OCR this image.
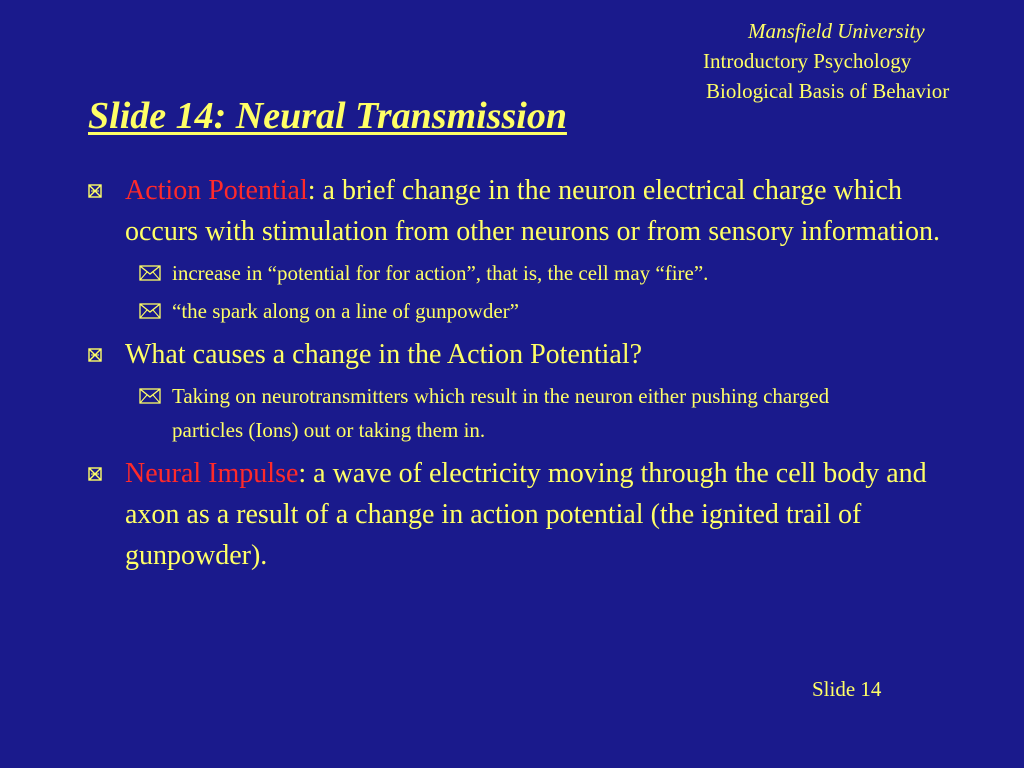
Mansfield University
Introductory Psychology
Biological Basis of Behavior
Slide 14: Neural Transmission
Action Potential: a brief change in the neuron electrical charge which occurs with stimulation from other neurons or from sensory information.
increase in “potential for for action”, that is, the cell may “fire”.
“the spark along on a line of gunpowder”
What causes a change in the Action Potential?
Taking on neurotransmitters which result in the neuron either pushing charged particles (Ions) out or taking them in.
Neural Impulse: a wave of electricity moving through the cell body and axon as a result of a change in action potential (the ignited trail of gunpowder).
Slide 14
